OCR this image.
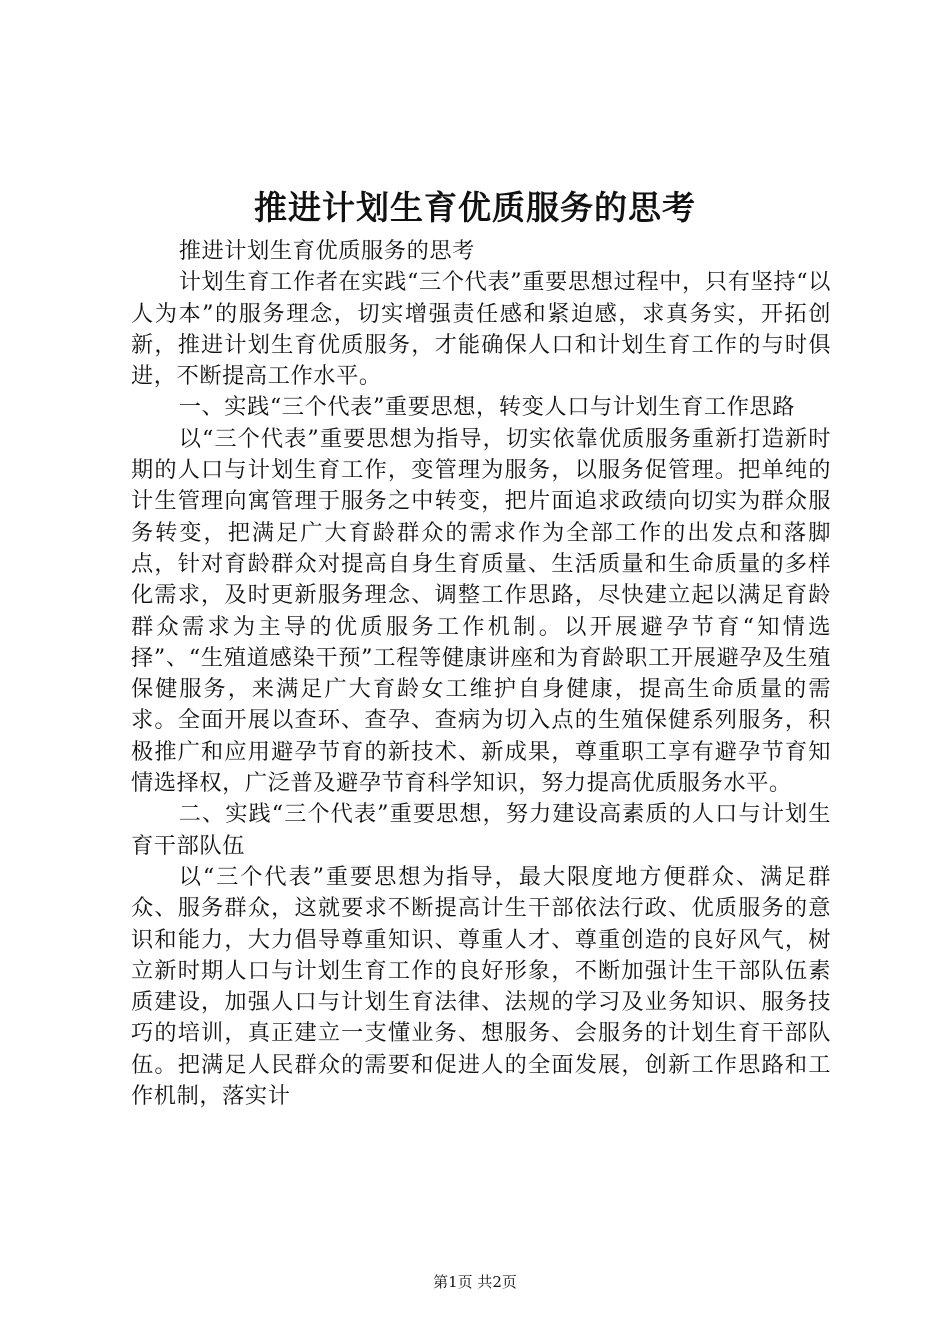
推进计划生育优质服务的思考

推进计划生育优质服务的思考

计划生育工作者在实践“三个代表”重要思想过程中，只有坚持“以人为本”的服务理念，切实增强责任感和紧迫感，求真务实，开拓创新，推进计划生育优质服务，才能确保人口和计划生育工作的与时俱进，不断提高工作水平。

一、实践“三个代表”重要思想，转变人口与计划生育工作思路

以“三个代表”重要思想为指导，切实依靠优质服务重新打造新时期的人口与计划生育工作，变管理为服务，以服务促管理。把单纯的计生管理向寓管理于服务之中转变，把片面追求政绩向切实为群众服务转变，把满足广大育龄群众的需求作为全部工作的出发点和落脚点，针对育龄群众对提高自身生育质量、生活质量和生命质量的多样化需求，及时更新服务理念、调整工作思路，尽快建立起以满足育龄群众需求为主导的优质服务工作机制。以开展避孕节育“知情选择”、“生殖道感染干预”工程等健康讲座和为育龄职工开展避孕及生殖保健服务，来满足广大育龄女工维护自身健康，提高生命质量的需求。全面开展以查环、查孕、查病为切入点的生殖保健系列服务，积极推广和应用避孕节育的新技术、新成果，尊重职工享有避孕节育知情选择权，广泛普及避孕节育科学知识，努力提高优质服务水平。

二、实践“三个代表”重要思想，努力建设高素质的人口与计划生育干部队伍

以“三个代表”重要思想为指导，最大限度地方便群众、满足群众、服务群众，这就要求不断提高计生干部依法行政、优质服务的意识和能力，大力倡导尊重知识、尊重人才、尊重创造的良好风气，树立新时期人口与计划生育工作的良好形象，不断加强计生干部队伍素质建设，加强人口与计划生育法律、法规的学习及业务知识、服务技巧的培训，真正建立一支懂业务、想服务、会服务的计划生育干部队伍。把满足人民群众的需要和促进人的全面发展，创新工作思路和工作机制，落实计

第1页 共2页
